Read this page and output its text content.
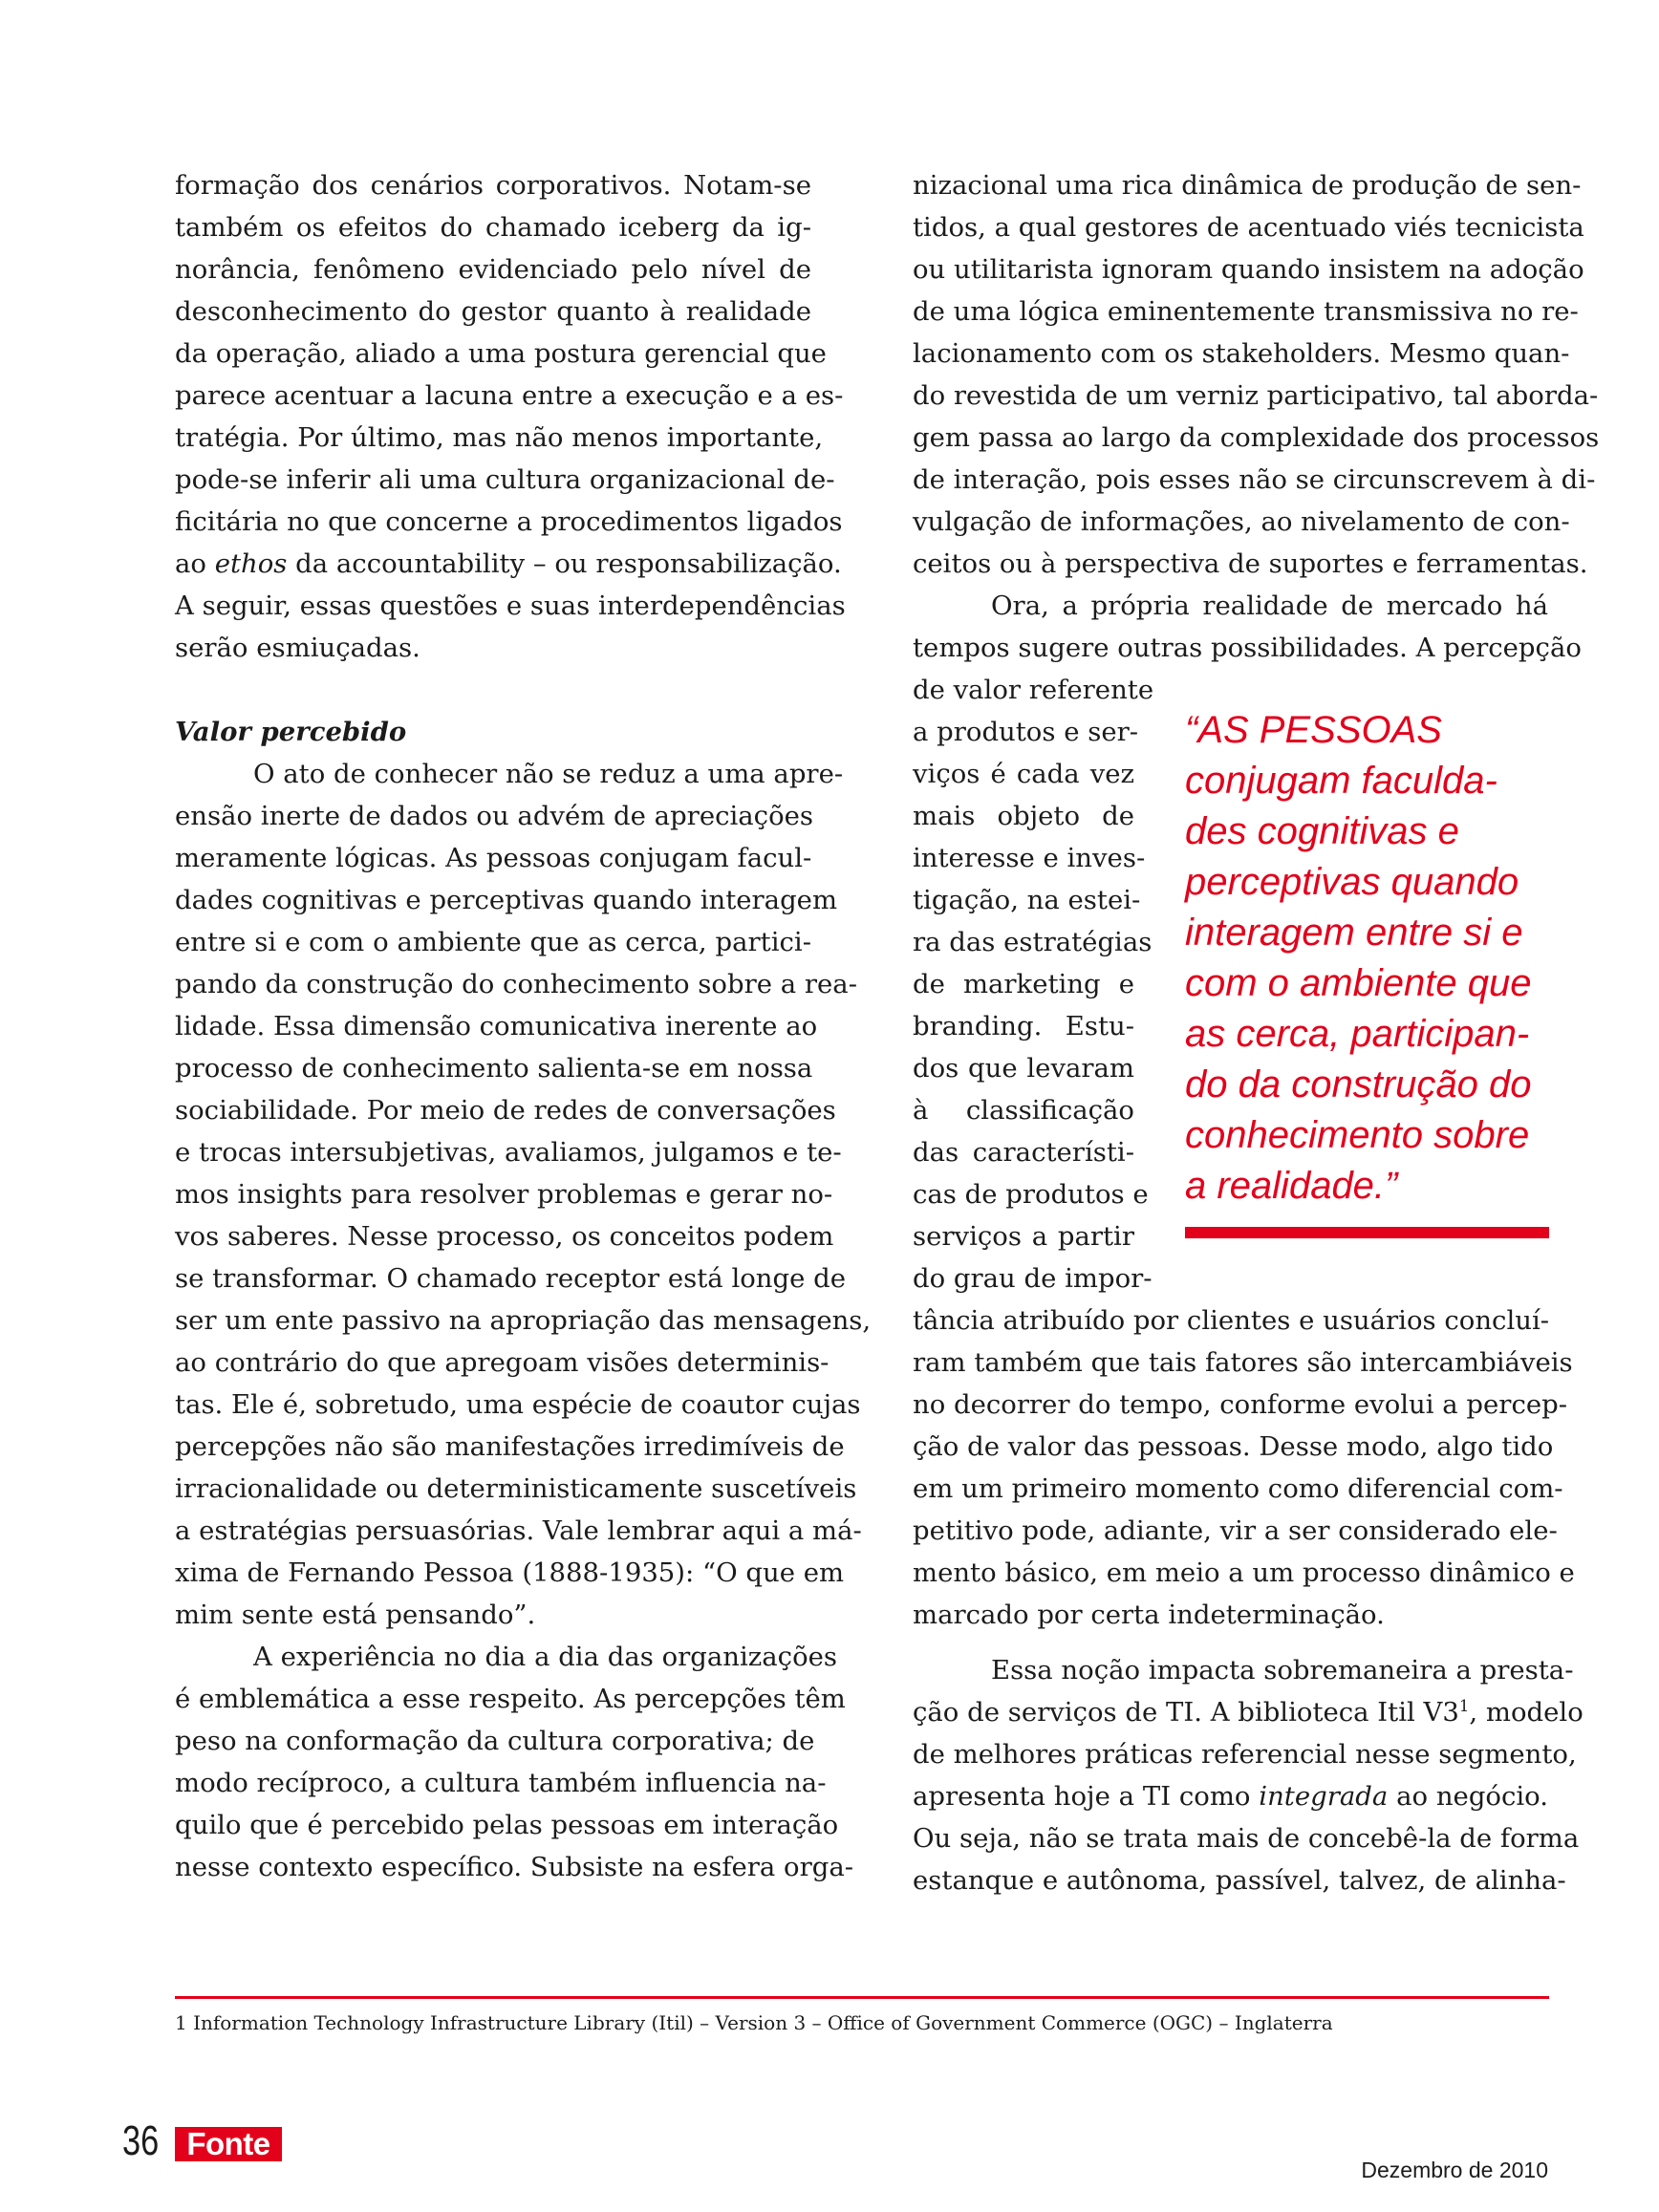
formação dos cenários corporativos. Notam-se
também os efeitos do chamado iceberg da ig-
norância, fenômeno evidenciado pelo nível de
desconhecimento do gestor quanto à realidade
da operação, aliado a uma postura gerencial que
parece acentuar a lacuna entre a execução e a es-
tratégia. Por último, mas não menos importante,
pode-se inferir ali uma cultura organizacional de-
ficitária no que concerne a procedimentos ligados
ao ethos da accountability – ou responsabilização.
A seguir, essas questões e suas interdependências
serão esmiuçadas.
Valor percebido
O ato de conhecer não se reduz a uma apre-
ensão inerte de dados ou advém de apreciações
meramente lógicas. As pessoas conjugam facul-
dades cognitivas e perceptivas quando interagem
entre si e com o ambiente que as cerca, partici-
pando da construção do conhecimento sobre a rea-
lidade. Essa dimensão comunicativa inerente ao
processo de conhecimento salienta-se em nossa
sociabilidade. Por meio de redes de conversações
e trocas intersubjetivas, avaliamos, julgamos e te-
mos insights para resolver problemas e gerar no-
vos saberes. Nesse processo, os conceitos podem
se transformar. O chamado receptor está longe de
ser um ente passivo na apropriação das mensagens,
ao contrário do que apregoam visões determinis-
tas. Ele é, sobretudo, uma espécie de coautor cujas
percepções não são manifestações irredimíveis de
irracionalidade ou deterministicamente suscetíveis
a estratégias persuasórias. Vale lembrar aqui a má-
xima de Fernando Pessoa (1888-1935): “O que em
mim sente está pensando”.
A experiência no dia a dia das organizações
é emblemática a esse respeito. As percepções têm
peso na conformação da cultura corporativa; de
modo recíproco, a cultura também influencia na-
quilo que é percebido pelas pessoas em interação
nesse contexto específico. Subsiste na esfera orga-
nizacional uma rica dinâmica de produção de sen-
tidos, a qual gestores de acentuado viés tecnicista
ou utilitarista ignoram quando insistem na adoção
de uma lógica eminentemente transmissiva no re-
lacionamento com os stakeholders. Mesmo quan-
do revestida de um verniz participativo, tal aborda-
gem passa ao largo da complexidade dos processos
de interação, pois esses não se circunscrevem à di-
vulgação de informações, ao nivelamento de con-
ceitos ou à perspectiva de suportes e ferramentas.
Ora, a própria realidade de mercado há
tempos sugere outras possibilidades. A percepção
de valor referente
a produtos e ser-
viços é cada vez
mais objeto de
interesse e inves-
tigação, na estei-
ra das estratégias
de marketing e
branding. Estu-
dos que levaram
à classificação
das característi-
cas de produtos e
serviços a partir
do grau de impor-
tância atribuído por clientes e usuários concluí-
ram também que tais fatores são intercambiáveis
no decorrer do tempo, conforme evolui a percep-
ção de valor das pessoas. Desse modo, algo tido
em um primeiro momento como diferencial com-
petitivo pode, adiante, vir a ser considerado ele-
mento básico, em meio a um processo dinâmico e
marcado por certa indeterminação.
Essa noção impacta sobremaneira a presta-
ção de serviços de TI. A biblioteca Itil $V3^1$, modelo
de melhores práticas referencial nesse segmento,
apresenta hoje a TI como integrada ao negócio.
Ou seja, não se trata mais de concebê-la de forma
estanque e autônoma, passível, talvez, de alinha-
“AS PESSOAS
conjugam faculda-
des cognitivas e
perceptivas quando
interagem entre si e
com o ambiente que
as cerca, participan-
do da construção do
conhecimento sobre
a realidade.”
1 Information Technology Infrastructure Library (Itil) – Version 3 – Office of Government Commerce (OGC) – Inglaterra
36 Fonte
Dezembro de 2010
